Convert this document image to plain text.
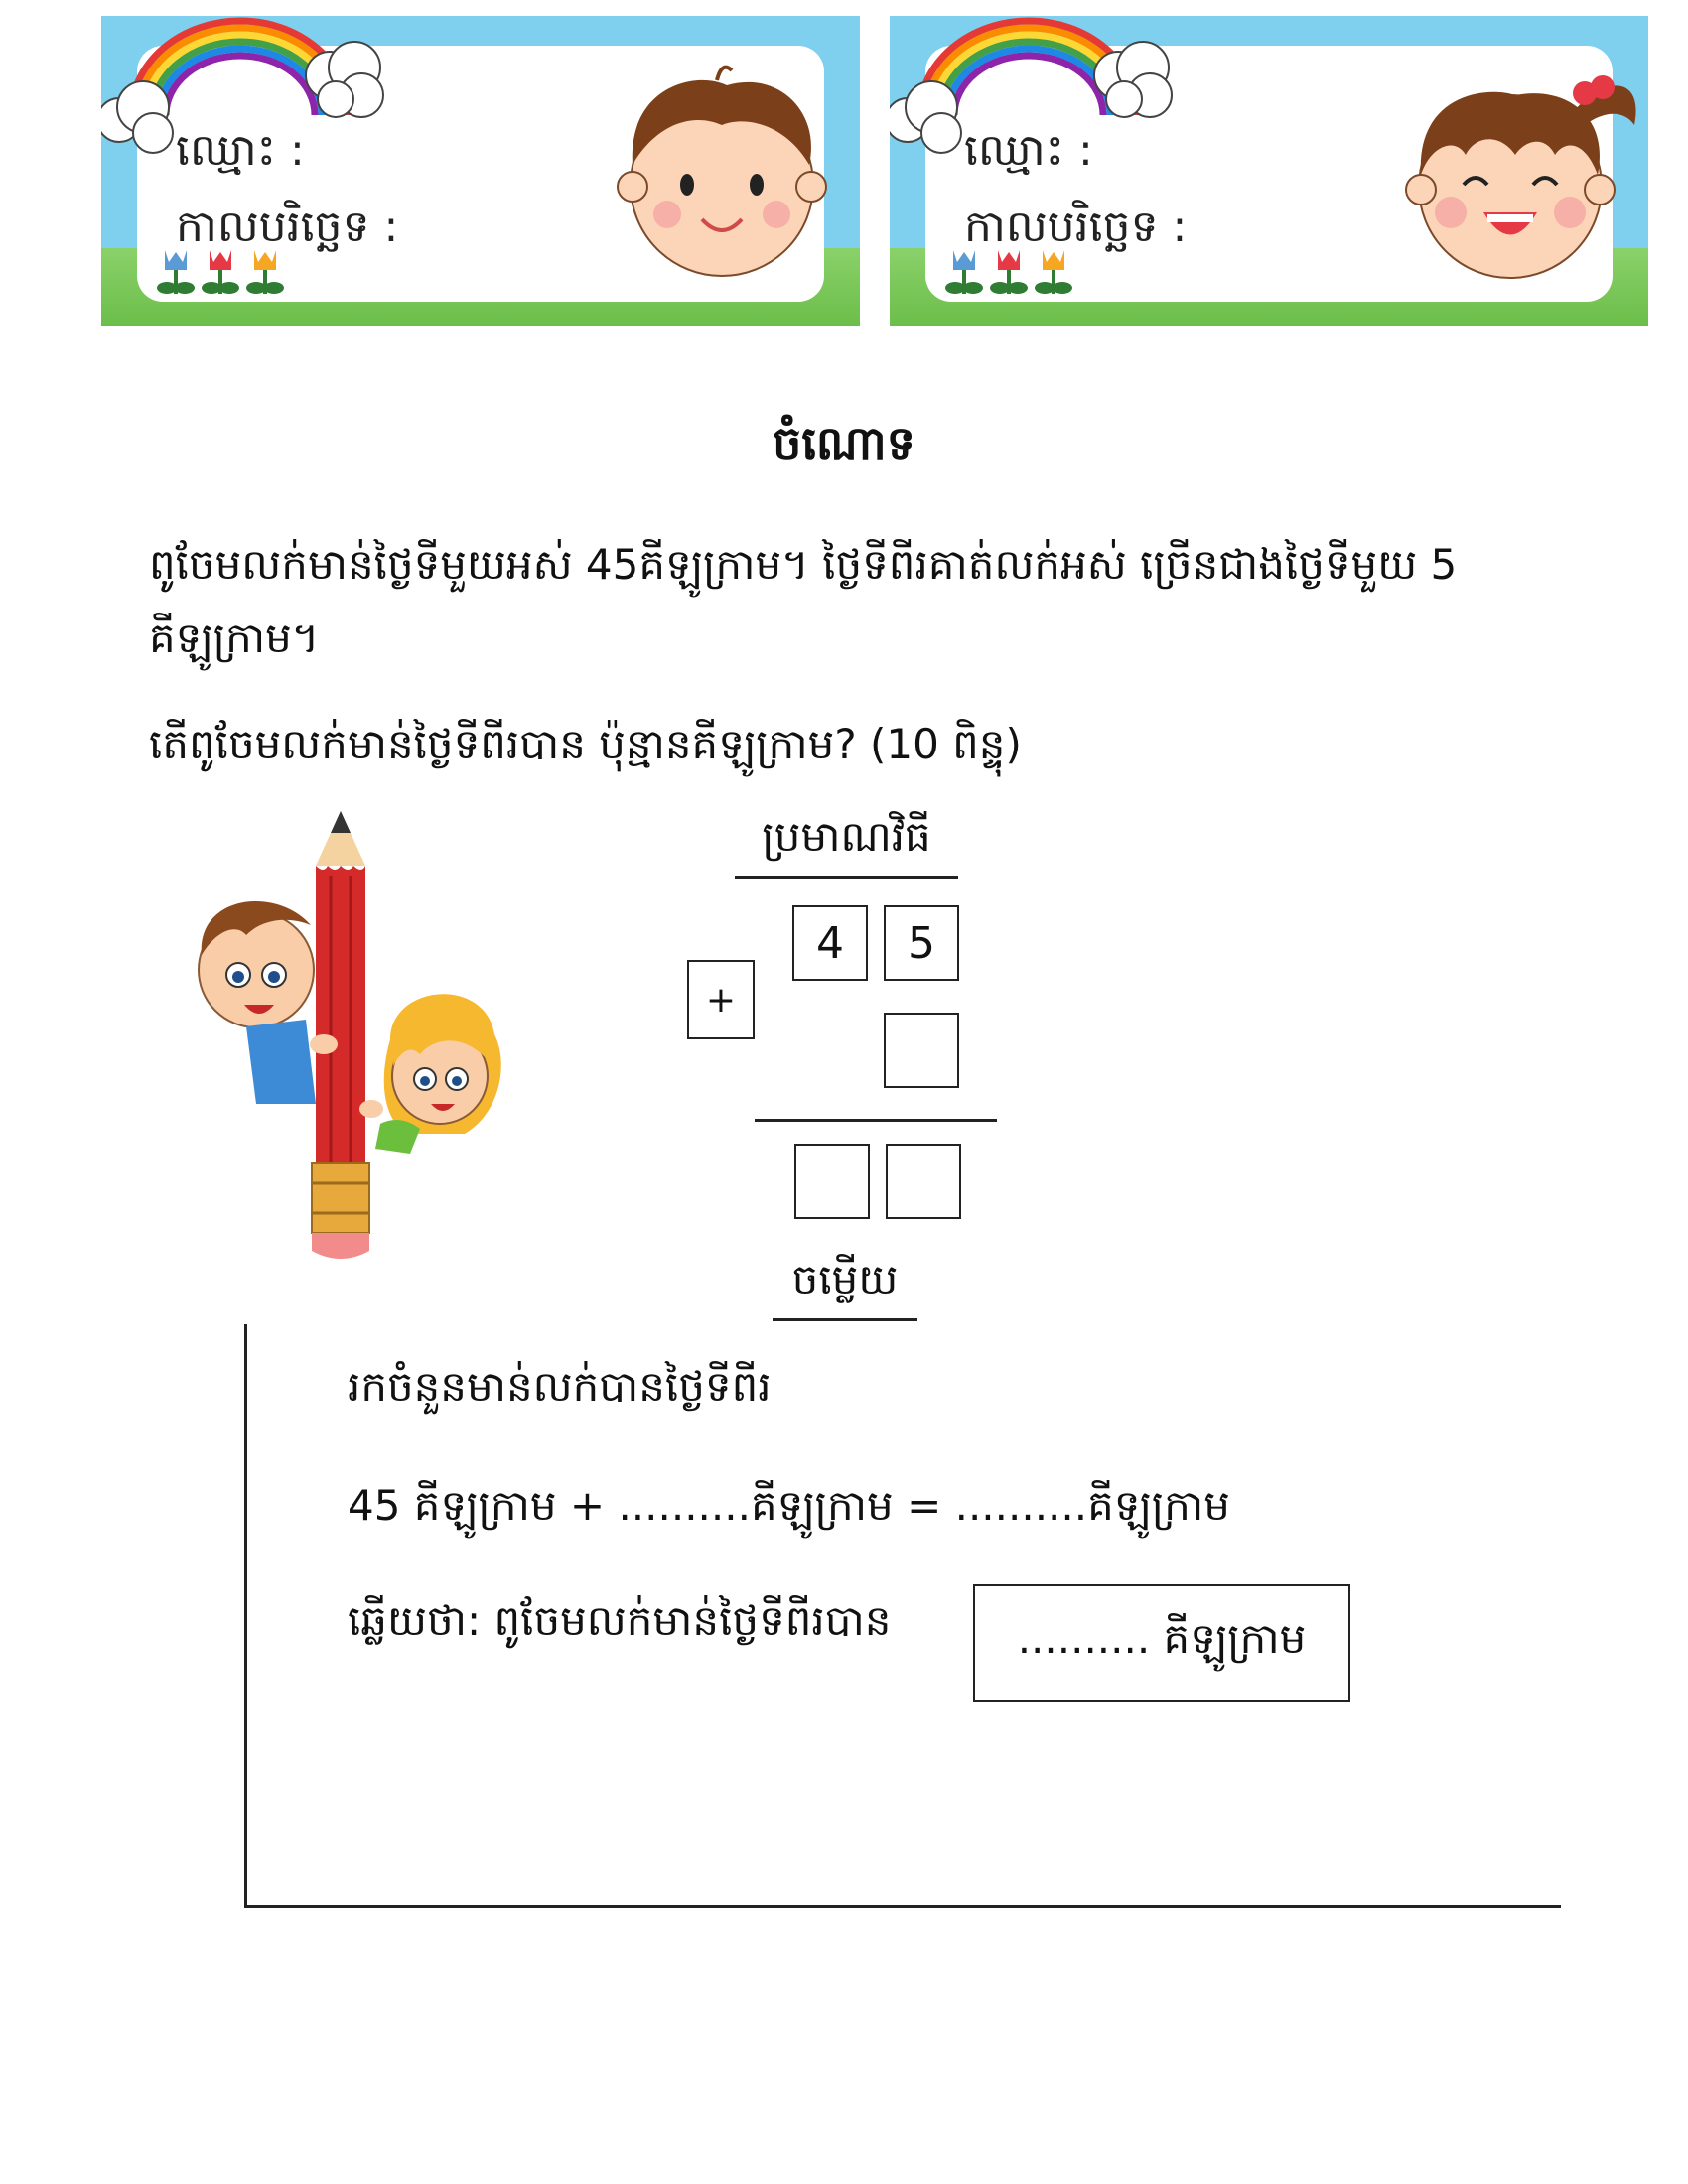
ឈ្មោះ :
កាលបរិច្ឆេទ :
ឈ្មោះ :
កាលបរិច្ឆេទ :
ចំណោទ
ពូចែមលក់មាន់ថ្ងៃទីមួយអស់ 45គីឡូក្រាម។ ថ្ងៃទីពីរគាត់លក់អស់ ច្រើនជាងថ្ងៃទីមួយ 5 គីឡូក្រាម។
តើពូចែមលក់មាន់ថ្ងៃទីពីរបាន ប៉ុន្មានគីឡូក្រាម? (10 ពិន្ទុ)
ប្រមាណវិធី
+
4	5
ចម្លើយ
រកចំនួនមាន់លក់បានថ្ងៃទីពីរ
45 គីឡូក្រាម + ..........គីឡូក្រាម = ..........គីឡូក្រាម
ឆ្លើយថា: ពូចែមលក់មាន់ថ្ងៃទីពីរបាន	.......... គីឡូក្រាម
